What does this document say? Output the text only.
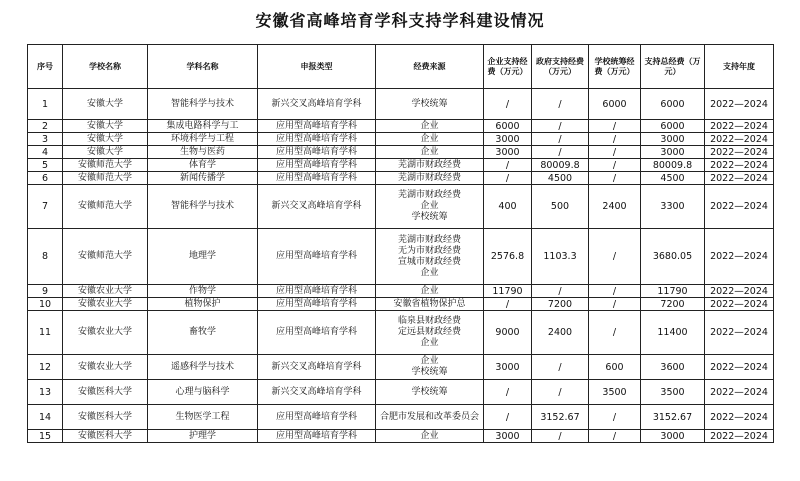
安徽省高峰培育学科支持学科建设情况
序号	学校名称	学科名称	申报类型	经费来源	企业支持经费（万元）	政府支持经费（万元）	学校统筹经费（万元）	支持总经费（万元）	支持年度
1	安徽大学	智能科学与技术	新兴交叉高峰培育学科	学校统筹	/	/	6000	6000	2022—2024
2	安徽大学	集成电路科学与工	应用型高峰培育学科	企业	6000	/	/	6000	2022—2024
3	安徽大学	环境科学与工程	应用型高峰培育学科	企业	3000	/	/	3000	2022—2024
4	安徽大学	生物与医药	应用型高峰培育学科	企业	3000	/	/	3000	2022—2024
5	安徽师范大学	体育学	应用型高峰培育学科	芜湖市财政经费	/	80009.8	/	80009.8	2022—2024
6	安徽师范大学	新闻传播学	应用型高峰培育学科	芜湖市财政经费	/	4500	/	4500	2022—2024
7	安徽师范大学	智能科学与技术	新兴交叉高峰培育学科	芜湖市财政经费
企业
学校统筹	400	500	2400	3300	2022—2024
8	安徽师范大学	地理学	应用型高峰培育学科	芜湖市财政经费
无为市财政经费
宣城市财政经费
企业	2576.8	1103.3	/	3680.05	2022—2024
9	安徽农业大学	作物学	应用型高峰培育学科	企业	11790	/	/	11790	2022—2024
10	安徽农业大学	植物保护	应用型高峰培育学科	安徽省植物保护总	/	7200	/	7200	2022—2024
11	安徽农业大学	畜牧学	应用型高峰培育学科	临泉县财政经费
定远县财政经费
企业	9000	2400	/	11400	2022—2024
12	安徽农业大学	遥感科学与技术	新兴交叉高峰培育学科	企业
学校统筹	3000	/	600	3600	2022—2024
13	安徽医科大学	心理与脑科学	新兴交叉高峰培育学科	学校统筹	/	/	3500	3500	2022—2024
14	安徽医科大学	生物医学工程	应用型高峰培育学科	合肥市发展和改革委员会	/	3152.67	/	3152.67	2022—2024
15	安徽医科大学	护理学	应用型高峰培育学科	企业	3000	/	/	3000	2022—2024
